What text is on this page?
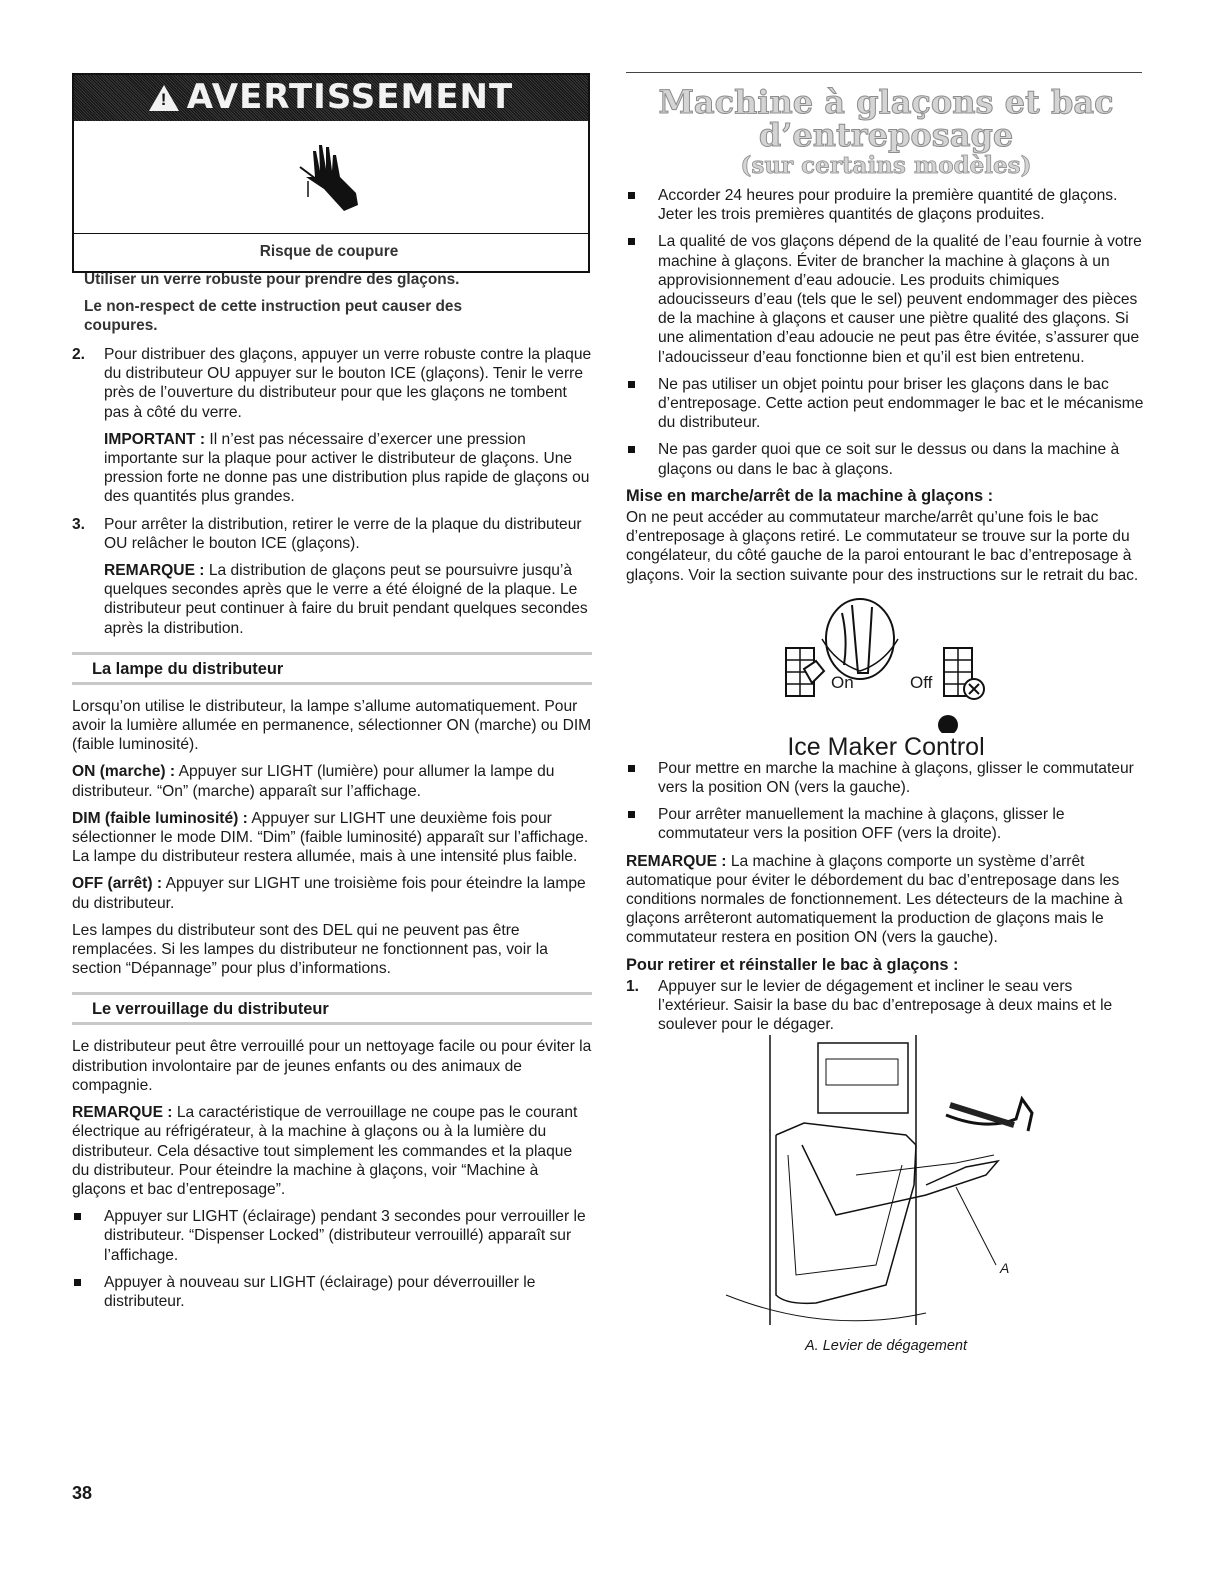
! AVERTISSEMENT
Risque de coupure

Utiliser un verre robuste pour prendre des glaçons.

Le non-respect de cette instruction peut causer des coupures.

2. Pour distribuer des glaçons, appuyer un verre robuste contre la plaque du distributeur OU appuyer sur le bouton ICE (glaçons). Tenir le verre près de l’ouverture du distributeur pour que les glaçons ne tombent pas à côté du verre.
IMPORTANT : Il n’est pas nécessaire d’exercer une pression importante sur la plaque pour activer le distributeur de glaçons. Une pression forte ne donne pas une distribution plus rapide de glaçons ou des quantités plus grandes.
3. Pour arrêter la distribution, retirer le verre de la plaque du distributeur OU relâcher le bouton ICE (glaçons).
REMARQUE : La distribution de glaçons peut se poursuivre jusqu’à quelques secondes après que le verre a été éloigné de la plaque. Le distributeur peut continuer à faire du bruit pendant quelques secondes après la distribution.
La lampe du distributeur

Lorsqu’on utilise le distributeur, la lampe s’allume automatiquement. Pour avoir la lumière allumée en permanence, sélectionner ON (marche) ou DIM (faible luminosité).

ON (marche) : Appuyer sur LIGHT (lumière) pour allumer la lampe du distributeur. “On” (marche) apparaît sur l’affichage.

DIM (faible luminosité) : Appuyer sur LIGHT une deuxième fois pour sélectionner le mode DIM. “Dim” (faible luminosité) apparaît sur l’affichage. La lampe du distributeur restera allumée, mais à une intensité plus faible.

OFF (arrêt) : Appuyer sur LIGHT une troisième fois pour éteindre la lampe du distributeur.

Les lampes du distributeur sont des DEL qui ne peuvent pas être remplacées. Si les lampes du distributeur ne fonctionnent pas, voir la section “Dépannage” pour plus d’informations.

Le verrouillage du distributeur

Le distributeur peut être verrouillé pour un nettoyage facile ou pour éviter la distribution involontaire par de jeunes enfants ou des animaux de compagnie.

REMARQUE : La caractéristique de verrouillage ne coupe pas le courant électrique au réfrigérateur, à la machine à glaçons ou à la lumière du distributeur. Cela désactive tout simplement les commandes et la plaque du distributeur. Pour éteindre la machine à glaçons, voir “Machine à glaçons et bac d’entreposage”.

Appuyer sur LIGHT (éclairage) pendant 3 secondes pour verrouiller le distributeur. “Dispenser Locked” (distributeur verrouillé) apparaît sur l’affichage.
Appuyer à nouveau sur LIGHT (éclairage) pour déverrouiller le distributeur.
Machine à glaçons et bac
d’entreposage
(sur certains modèles)
Accorder 24 heures pour produire la première quantité de glaçons. Jeter les trois premières quantités de glaçons produites.
La qualité de vos glaçons dépend de la qualité de l’eau fournie à votre machine à glaçons. Éviter de brancher la machine à glaçons à un approvisionnement d’eau adoucie. Les produits chimiques adoucisseurs d’eau (tels que le sel) peuvent endommager des pièces de la machine à glaçons et causer une piètre qualité des glaçons. Si une alimentation d’eau adoucie ne peut pas être évitée, s’assurer que l’adoucisseur d’eau fonctionne bien et qu’il est bien entretenu.
Ne pas utiliser un objet pointu pour briser les glaçons dans le bac d’entreposage. Cette action peut endommager le bac et le mécanisme du distributeur.
Ne pas garder quoi que ce soit sur le dessus ou dans la machine à glaçons ou dans le bac à glaçons.
Mise en marche/arrêt de la machine à glaçons :

On ne peut accéder au commutateur marche/arrêt qu’une fois le bac d’entreposage à glaçons retiré. Le commutateur se trouve sur la porte du congélateur, du côté gauche de la paroi entourant le bac d’entreposage à glaçons. Voir la section suivante pour des instructions sur le retrait du bac.

On	Off
Ice Maker Control
Pour mettre en marche la machine à glaçons, glisser le commutateur vers la position ON (vers la gauche).
Pour arrêter manuellement la machine à glaçons, glisser le commutateur vers la position OFF (vers la droite).

REMARQUE : La machine à glaçons comporte un système d’arrêt automatique pour éviter le débordement du bac d’entreposage dans les conditions normales de fonctionnement. Les détecteurs de la machine à glaçons arrêteront automatiquement la production de glaçons mais le commutateur restera en position ON (vers la gauche).

Pour retirer et réinstaller le bac à glaçons :
1. Appuyer sur le levier de dégagement et incliner le seau vers l’extérieur. Saisir la base du bac d’entreposage à deux mains et le soulever pour le dégager.
A
A. Levier de dégagement
38
